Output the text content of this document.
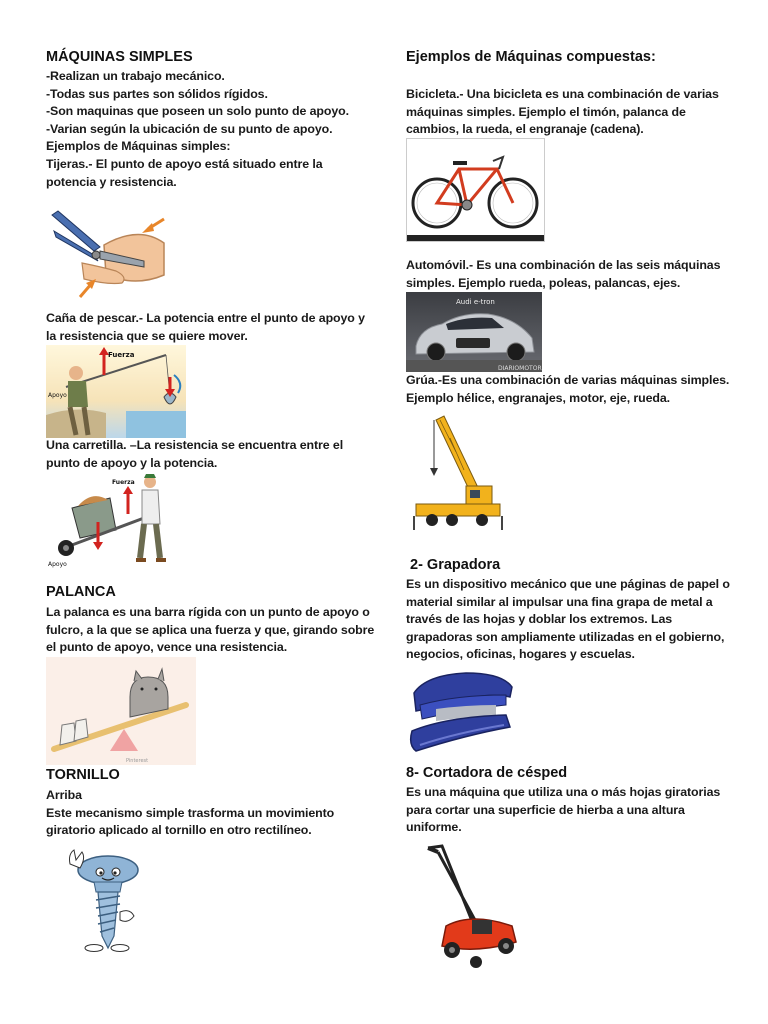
MÁQUINAS SIMPLES
-Realizan un trabajo mecánico.
-Todas sus partes son sólidos rígidos.
-Son maquinas que poseen un solo punto de apoyo.
-Varian según la ubicación de su punto de apoyo.
Ejemplos de Máquinas simples:
Tijeras.- El punto de apoyo está situado entre la
potencia y resistencia.
Caña de pescar.- La potencia entre el punto de apoyo y
la resistencia que se quiere mover.
Fuerza
Apoyo
Una carretilla. –La resistencia se encuentra entre el
punto de apoyo y la potencia.
Fuerza
Apoyo
PALANCA
La palanca es una barra rígida con un punto de apoyo o
fulcro, a la que se aplica una fuerza y que, girando sobre
el punto de apoyo, vence una resistencia.
Pinterest
TORNILLO
Arriba
Este mecanismo simple trasforma un movimiento
giratorio aplicado al tornillo en otro rectilíneo.
Ejemplos de Máquinas compuestas:
Bicicleta.- Una bicicleta es una combinación de varias
máquinas simples. Ejemplo el timón, palanca de
cambios, la rueda, el engranaje (cadena).
Automóvil.- Es una combinación de las seis máquinas
simples. Ejemplo rueda, poleas, palancas, ejes.
Audi e-tron
DIARIOMOTOR
Grúa.-Es una combinación de varias máquinas simples.
Ejemplo hélice, engranajes, motor, eje, rueda.
2- Grapadora
Es un dispositivo mecánico que une páginas de papel o
material similar al impulsar una fina grapa de metal a
través de las hojas y doblar los extremos. Las
grapadoras son ampliamente utilizadas en el gobierno,
negocios, oficinas, hogares y escuelas.
8- Cortadora de césped
Es una máquina que utiliza una o más hojas giratorias
para cortar una superficie de hierba a una altura
uniforme.
